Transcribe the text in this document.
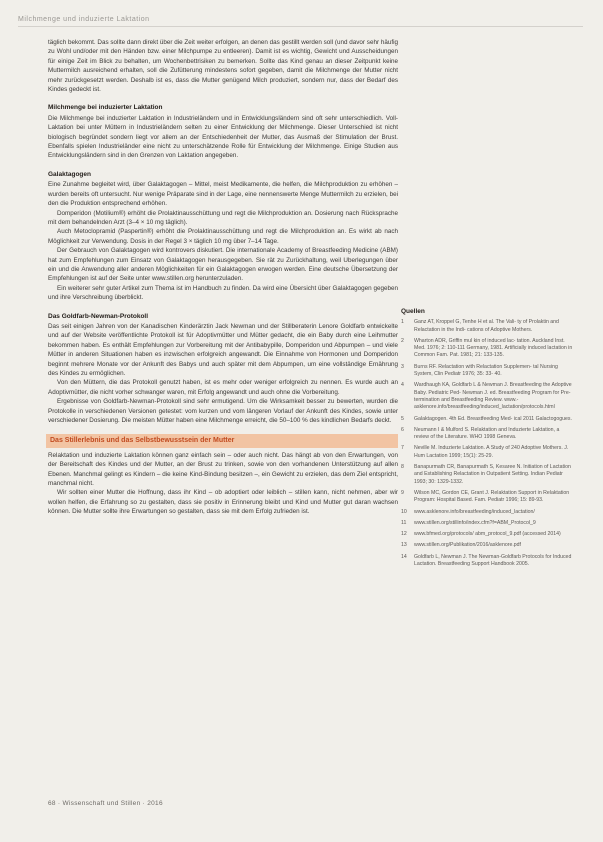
Milchmenge und induzierte Laktation

täglich bekommt. Das sollte dann direkt über die Zeit weiter erfolgen, an denen das gestillt werden soll (und davor sehr häufig zu Wohl und/oder mit den Händen bzw. einer Milchpumpe zu entleeren). Damit ist es wichtig, Gewicht und Ausscheidungen für einige Zeit im Blick zu behalten, um Wochenbettrisiken zu bemerken. Sollte das Kind genau an dieser Zeitpunkt keine Muttermilch ausreichend erhalten, soll die Zufütterung mindestens sofort gegeben, damit die Milchmenge der Mutter nicht mehr zurückgesetzt werden. Deshalb ist es, dass die Mutter genügend Milch produziert, sondern nur, dass der Bedarf des Kindes gedeckt ist.

Milchmenge bei induzierter Laktation

Die Milchmenge bei induzierter Laktation in Industrieländern und in Entwicklungsländern sind oft sehr unterschiedlich. Voll-Laktation bei unter Müttern in Industrieländern selten zu einer Entwicklung der Milchmenge. Dieser Unterschied ist nicht biologisch begründet sondern liegt vor allem an der Entschiedenheit der Mutter, das Ausmaß der Stimulation der Brust. Ebenfalls spielen Industrieländer eine nicht zu unterschätzende Rolle für Entwicklung der Milchmenge. Einige Studien aus Entwicklungsländern sind in den Grenzen von Laktation angegeben.

Galaktagogen

Eine Zunahme begleitet wird, über Galaktagogen – Mittel, meist Medikamente, die helfen, die Milchproduktion zu erhöhen – wurden bereits oft untersucht. Nur wenige Präparate sind in der Lage, eine nennenswerte Menge Muttermilch zu erzielen, bei den die Produktion entsprechend erhöhen.

Domperidon (Motilium®) erhöht die Prolaktinausschüttung und regt die Milchproduktion an. Dosierung nach Rücksprache mit dem behandelnden Arzt (3–4 × 10 mg täglich).

Auch Metoclopramid (Paspertin®) erhöht die Prolaktinausschüttung und regt die Milchproduktion an. Es wirkt ab nach Möglichkeit zur Verwendung. Dosis in der Regel 3 × täglich 10 mg über 7–14 Tage.

Der Gebrauch von Galaktagogen wird kontrovers diskutiert. Die internationale Academy of Breastfeeding Medicine (ABM) hat zum Empfehlungen zum Einsatz von Galaktagogen herausgegeben. Sie rät zu Zurückhaltung, weil Uberlegungen über ein und die Anwendung aller anderen Möglichkeiten für ein Galaktagogen erwogen werden. Eine deutsche Übersetzung der Empfehlungen ist auf der Seite unter www.stillen.org herunterzuladen.

Ein weiterer sehr guter Artikel zum Thema ist im Handbuch zu finden. Da wird eine Übersicht über Galaktagogen gegeben und ihre Verschreibung überblickt.

Das Goldfarb-Newman-Protokoll

Das seit einigen Jahren von der Kanadischen Kinderärztin Jack Newman und der Stillberaterin Lenore Goldfarb entwickelte und auf der Website veröffentlichte Protokoll ist für Adoptivmütter und Mütter gedacht, die ein Baby durch eine Leihmutter bekommen haben. Es enthält Empfehlungen zur Vorbereitung mit der Antibabypille, Domperidon und Abpumpen – und viele Mütter in anderen Situationen haben es inzwischen erfolgreich angewandt. Die Einnahme von Hormonen und Domperidon beginnt mehrere Monate vor der Ankunft des Babys und auch später mit dem Abpumpen, um eine vollständige Ernährung des Kindes zu ermöglichen.

Von den Müttern, die das Protokoll genutzt haben, ist es mehr oder weniger erfolgreich zu nennen. Es wurde auch an Adoptivmütter, die nicht vorher schwanger waren, mit Erfolg angewandt und auch ohne die Vorbereitung.

Ergebnisse von Goldfarb-Newman-Protokoll sind sehr ermutigend. Um die Wirksamkeit besser zu bewerten, wurden die Protokolle in verschiedenen Versionen getestet: vom kurzen und vom längeren Vorlauf der Ankunft des Kindes, sowie unter verschiedener Dosierung. Die meisten Mütter haben eine Milchmenge erreicht, die 50–100 % des kindlichen Bedarfs deckt.

Das Stillerlebnis und das Selbstbewusstsein der Mutter

Relaktation und induzierte Laktation können ganz einfach sein – oder auch nicht. Das hängt ab von den Erwartungen, von der Bereitschaft des Kindes und der Mutter, an der Brust zu trinken, sowie von den vorhandenen Unterstützung auf allen Ebenen. Manchmal gelingt es Kindern – die keine Kind-Bindung besitzen –, ein Gewicht zu erzielen, das dem Ziel entspricht, manchmal nicht.

Wir sollten einer Mutter die Hoffnung, dass ihr Kind – ob adoptiert oder leiblich – stillen kann, nicht nehmen, aber wir wollen helfen, die Erfahrung so zu gestalten, dass sie positiv in Erinnerung bleibt und Kind und Mutter gut daran wachsen können. Die Mutter sollte ihre Erwartungen so gestalten, dass sie mit dem Erfolg zufrieden ist.

Quellen
1 Ganz AT, Kroppel G, Tenhe H et al. The Vali- ty of Prolaktin and Relactation in the Indi- cations of Adoptive Mothers.
2 Wharton ADR, Griffin mul kin of induced lac- tation. Auckland Inst. Med. 1976; 2: 110-111 Germany, 1981. Artificially induced lactation in Common Fam. Pat. 1981; 21: 133-135.
3 Burns RF. Relactation with Relactation Supplemen- tal Nursing System, Clin Pediatr 1976; 35: 33- 40.
4 Wardhaugh KA, Goldfarb L & Newman J. Breastfeeding the Adoptive Baby. Pediatric Ped- Newman J. ed. Breastfeeding Program for Pre- termination and Breastfeeding Review. www.- asklenore.info/breastfeeding/induced_lactation/protocols.html
5 Galaktagogen. 4th Ed. Breastfeeding Med- ical 2011 Galactogogues.
6 Neumann I & Mulford S. Relaktation and Induzierte Laktation, a review of the Literature. WHO 1998 Geneva.
7 Neville M. Induzierte Laktation. A Study of 240 Adoptive Mothers. J. Hum Lactation 1999; 15(1): 25-29.
8 Banapurmath CR, Banapurmath S, Kesaree N. Initiation of Lactation and Establishing Relactation in Outpatient Setting. Indian Pediatr 1993; 30: 1329-1332.
9 Wilson MC, Gordon CE, Grant J. Relaktation Support in Relaktation Program: Hospital Based. Fam. Pediatr 1996; 15: 89-93.
10 www.asklenore.info/breastfeeding/induced_lactation/
11 www.stillen.org/stillinfo/index.cfm?f=ABM_Protocol_9
12 www.bfmed.org/protocols/ abm_protocol_9.pdf (accessed 2014)
13 www.stillen.org/Publikation/2016/asklenore.pdf
14 Goldfarb L, Newman J. The Newman-Goldfarb Protocols for Induced Lactation. Breastfeeding Support Handbook 2005.
68 · Wissenschaft und Stillen · 2016
